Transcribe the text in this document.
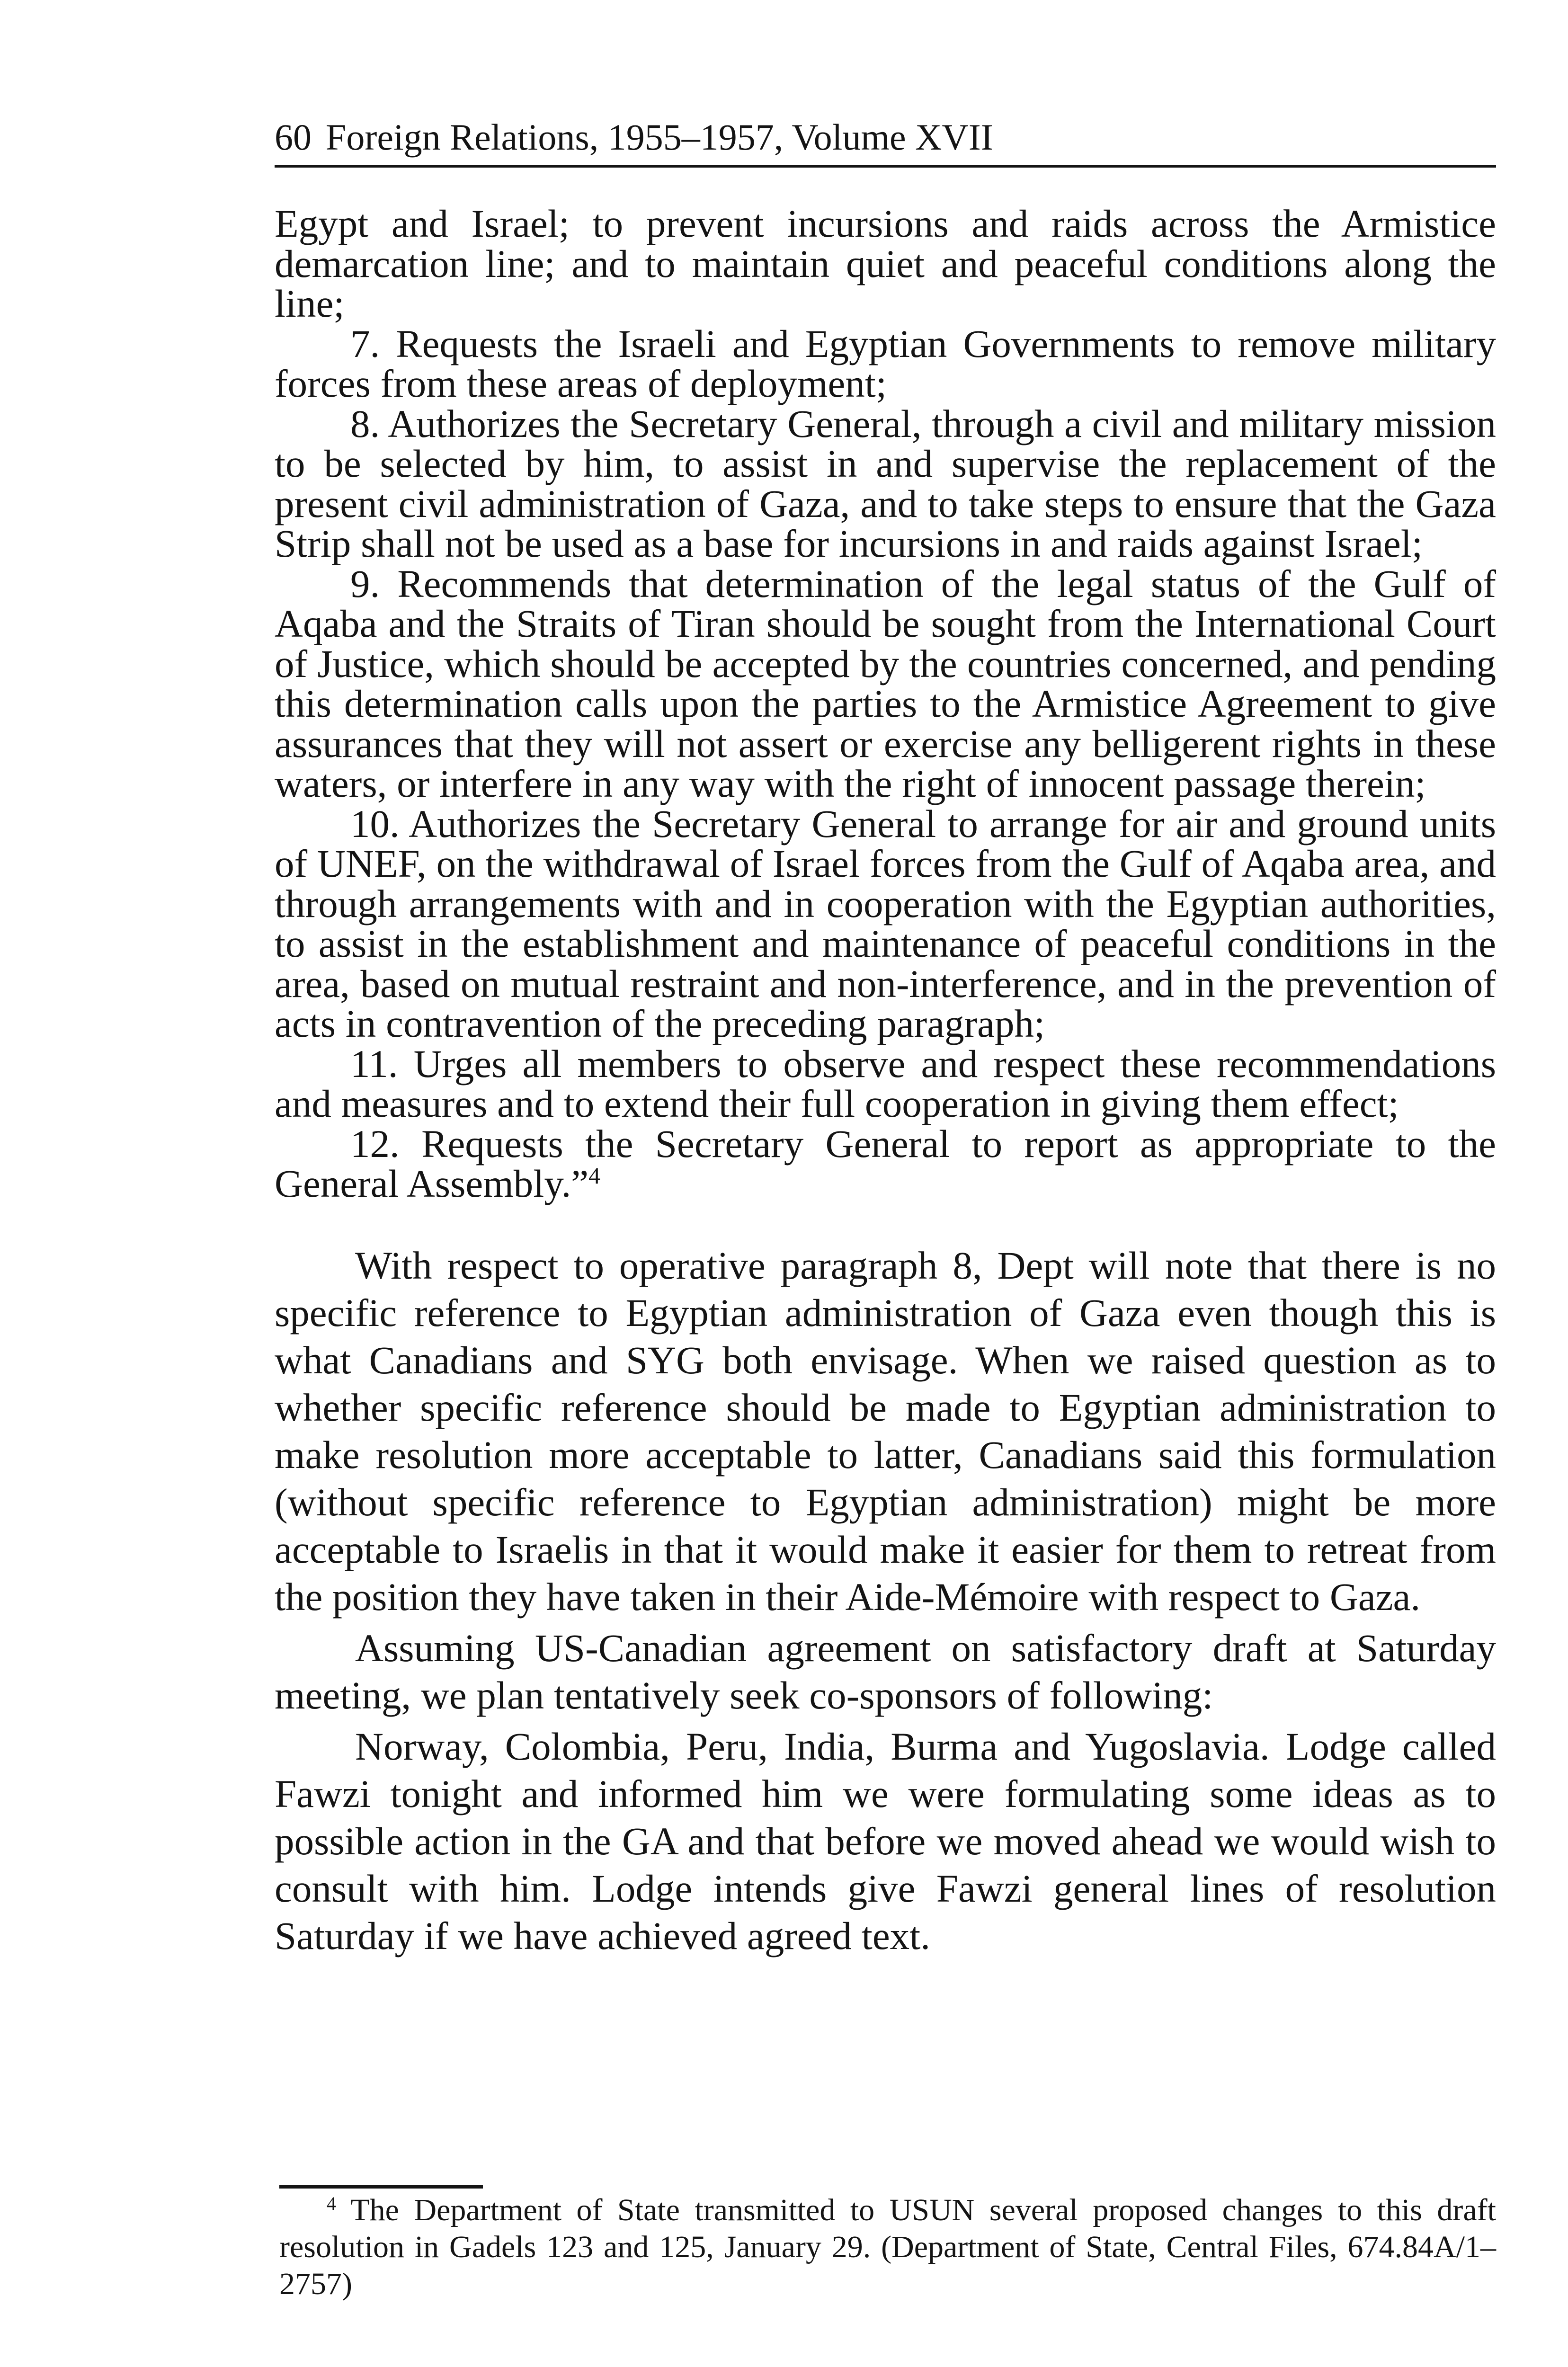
60 Foreign Relations, 1955–1957, Volume XVII

Egypt and Israel; to prevent incursions and raids across the Armistice demarcation line; and to maintain quiet and peaceful conditions along the line;

7. Requests the Israeli and Egyptian Governments to remove military forces from these areas of deployment;

8. Authorizes the Secretary General, through a civil and military mission to be selected by him, to assist in and supervise the replacement of the present civil administration of Gaza, and to take steps to ensure that the Gaza Strip shall not be used as a base for incursions in and raids against Israel;

9. Recommends that determination of the legal status of the Gulf of Aqaba and the Straits of Tiran should be sought from the International Court of Justice, which should be accepted by the countries concerned, and pending this determination calls upon the parties to the Armistice Agreement to give assurances that they will not assert or exercise any belligerent rights in these waters, or interfere in any way with the right of innocent passage therein;

10. Authorizes the Secretary General to arrange for air and ground units of UNEF, on the withdrawal of Israel forces from the Gulf of Aqaba area, and through arrangements with and in cooperation with the Egyptian authorities, to assist in the establishment and maintenance of peaceful conditions in the area, based on mutual restraint and non-interference, and in the prevention of acts in contravention of the preceding paragraph;

11. Urges all members to observe and respect these recommendations and measures and to extend their full cooperation in giving them effect;

12. Requests the Secretary General to report as appropriate to the General Assembly.”$^4$

With respect to operative paragraph 8, Dept will note that there is no specific reference to Egyptian administration of Gaza even though this is what Canadians and SYG both envisage. When we raised question as to whether specific reference should be made to Egyptian administration to make resolution more acceptable to latter, Canadians said this formulation (without specific reference to Egyptian administration) might be more acceptable to Israelis in that it would make it easier for them to retreat from the position they have taken in their Aide-Mémoire with respect to Gaza.

Assuming US-Canadian agreement on satisfactory draft at Saturday meeting, we plan tentatively seek co-sponsors of following:

Norway, Colombia, Peru, India, Burma and Yugoslavia. Lodge called Fawzi tonight and informed him we were formulating some ideas as to possible action in the GA and that before we moved ahead we would wish to consult with him. Lodge intends give Fawzi general lines of resolution Saturday if we have achieved agreed text.

$^4$ The Department of State transmitted to USUN several proposed changes to this draft resolution in Gadels 123 and 125, January 29. (Department of State, Central Files, 674.84A/1–2757)
